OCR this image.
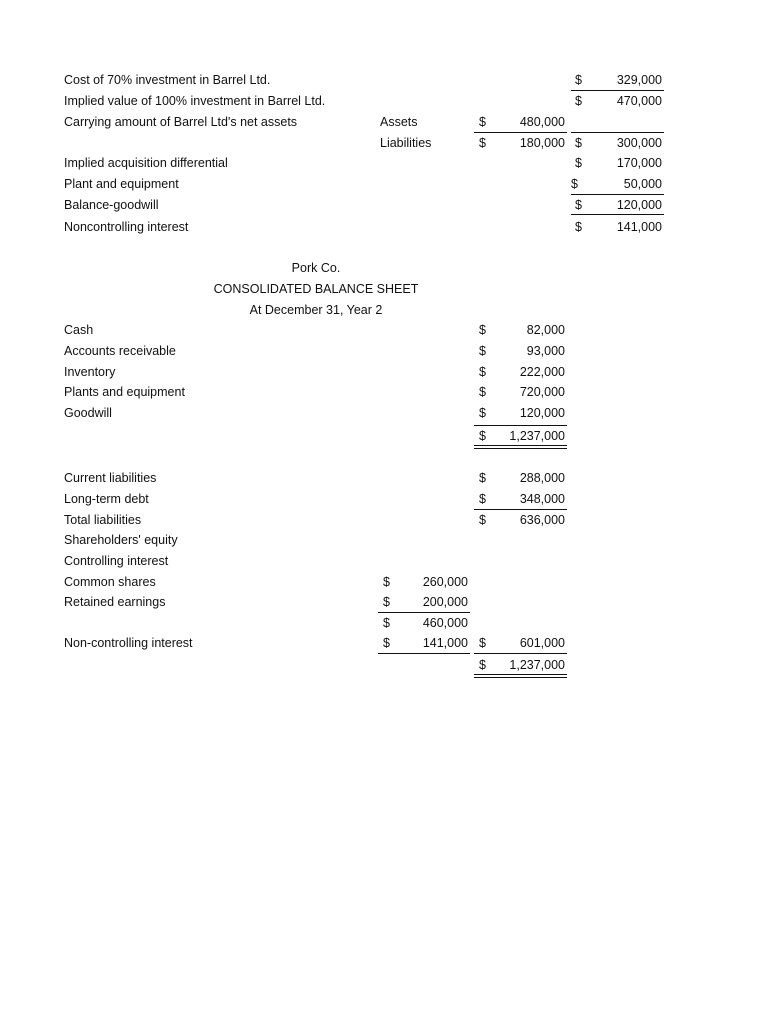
Cost of 70% investment in Barrel Ltd.	$	329,000
Implied value of 100% investment in Barrel Ltd.	$	470,000
Carrying amount of Barrel Ltd's net assets	Assets	$	480,000
Liabilities	$	180,000 $	300,000
Implied acquisition differential	$	170,000
Plant and equipment	$	50,000
Balance-goodwill	$	120,000
Noncontrolling interest	$	141,000
Pork Co.
CONSOLIDATED BALANCE SHEET
At December 31, Year 2
Cash	$	82,000
Accounts receivable	$	93,000
Inventory	$	222,000
Plants and equipment	$	720,000
Goodwill	$	120,000
$	1,237,000
Current liabilities	$	288,000
Long-term debt	$	348,000
Total liabilities	$	636,000
Shareholders' equity
Controlling interest
Common shares	$	260,000
Retained earnings	$	200,000
$	460,000
Non-controlling interest	$	141,000 $	601,000
$	1,237,000
